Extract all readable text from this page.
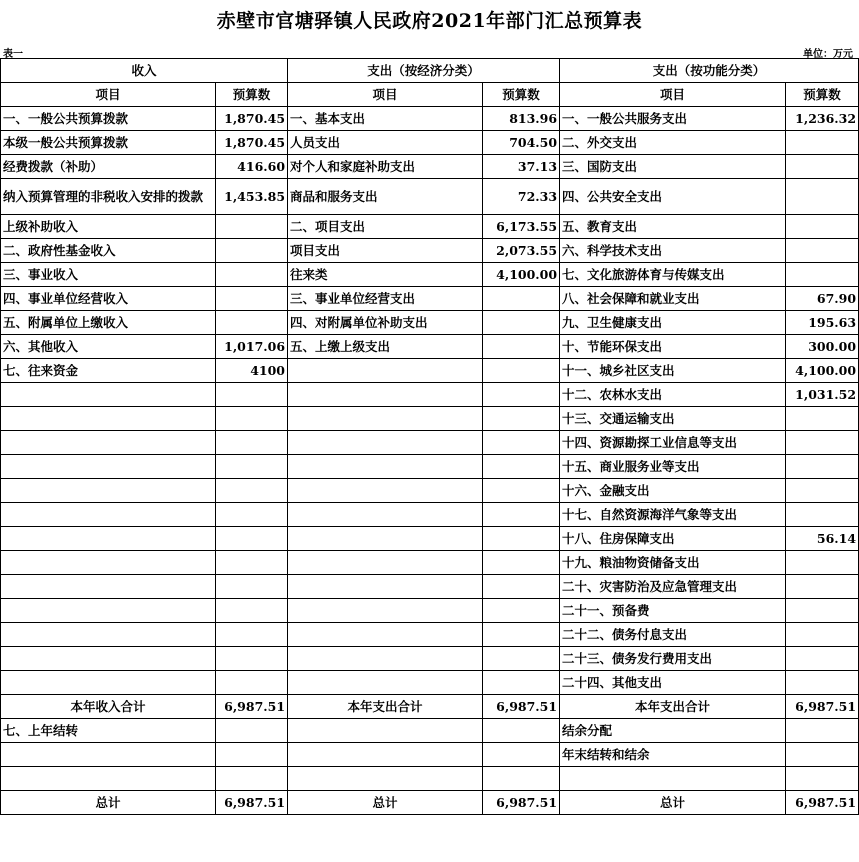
赤壁市官塘驿镇人民政府2021年部门汇总预算表
表一	单位：万元
收入		支出（按经济分类）		支出（按功能分类）	
项目	预算数	项目	预算数	项目	预算数
一、一般公共预算拨款	1,870.45	一、基本支出	813.96	一、一般公共服务支出	1,236.32
本级一般公共预算拨款	1,870.45	人员支出	704.50	二、外交支出	
经费拨款（补助）	416.60	对个人和家庭补助支出	37.13	三、国防支出	
纳入预算管理的非税收入安排的拨款	1,453.85	商品和服务支出	72.33	四、公共安全支出	
上级补助收入		二、项目支出	6,173.55	五、教育支出	
二、政府性基金收入		项目支出	2,073.55	六、科学技术支出	
三、事业收入		往来类	4,100.00	七、文化旅游体育与传媒支出	
四、事业单位经营收入		三、事业单位经营支出		八、社会保障和就业支出	67.90
五、附属单位上缴收入		四、对附属单位补助支出		九、卫生健康支出	195.63
六、其他收入	1,017.06	五、上缴上级支出		十、节能环保支出	300.00
七、往来资金	4100			十一、城乡社区支出	4,100.00
				十二、农林水支出	1,031.52
				十三、交通运输支出	
				十四、资源勘探工业信息等支出	
				十五、商业服务业等支出	
				十六、金融支出	
				十七、自然资源海洋气象等支出	
				十八、住房保障支出	56.14
				十九、粮油物资储备支出	
				二十、灾害防治及应急管理支出	
				二十一、预备费	
				二十二、债务付息支出	
				二十三、债务发行费用支出	
				二十四、其他支出	
本年收入合计	6,987.51	本年支出合计	6,987.51	本年支出合计	6,987.51
七、上年结转				结余分配	
				年末结转和结余	

总计	6,987.51	总计	6,987.51	总计	6,987.51
